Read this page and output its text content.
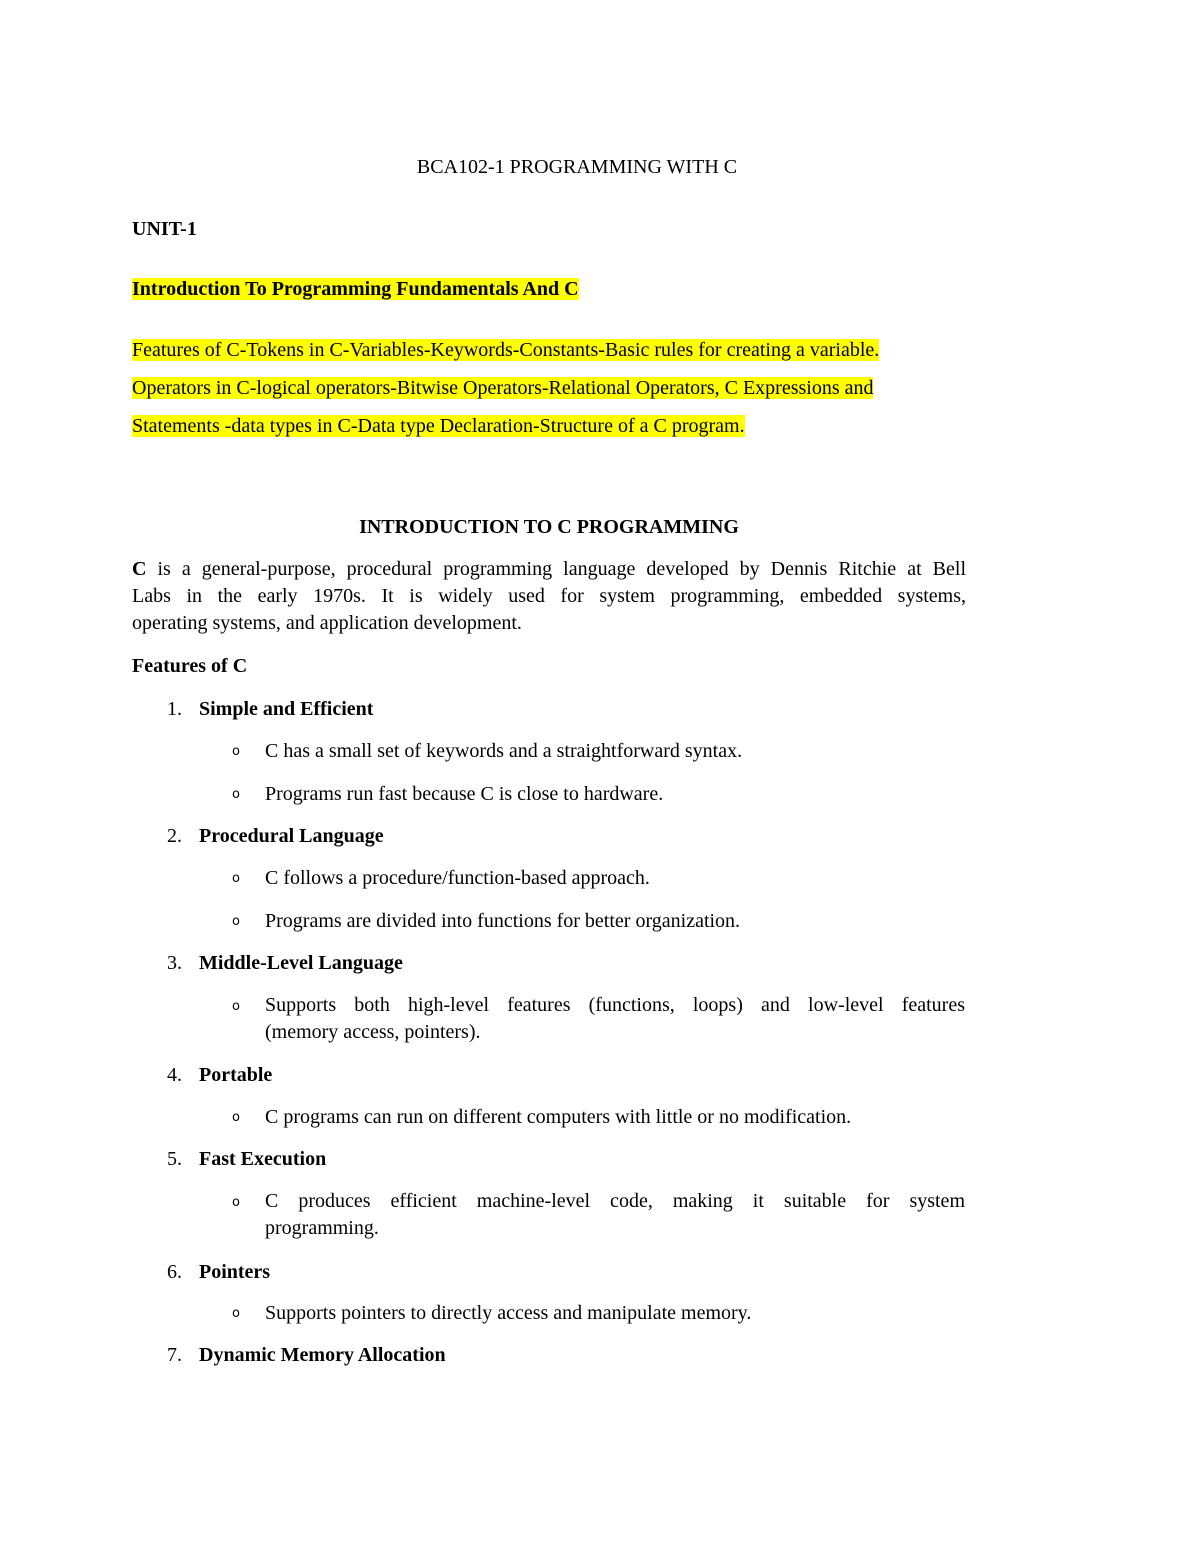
BCA102-1 PROGRAMMING WITH C
UNIT-1
Introduction To Programming Fundamentals And C
Features of C-Tokens in C-Variables-Keywords-Constants-Basic rules for creating a variable.
Operators in C-logical operators-Bitwise Operators-Relational Operators, C Expressions and
Statements -data types in C-Data type Declaration-Structure of a C program.
INTRODUCTION TO C PROGRAMMING
C is a general-purpose, procedural programming language developed by Dennis Ritchie at Bell
Labs in the early 1970s. It is widely used for system programming, embedded systems,
operating systems, and application development.
Features of C
1. Simple and Efficient
o C has a small set of keywords and a straightforward syntax.
o Programs run fast because C is close to hardware.
2. Procedural Language
o C follows a procedure/function-based approach.
o Programs are divided into functions for better organization.
3. Middle-Level Language
o Supports both high-level features (functions, loops) and low-level features
(memory access, pointers).
4. Portable
o C programs can run on different computers with little or no modification.
5. Fast Execution
o C produces efficient machine-level code, making it suitable for system
programming.
6. Pointers
o Supports pointers to directly access and manipulate memory.
7. Dynamic Memory Allocation
